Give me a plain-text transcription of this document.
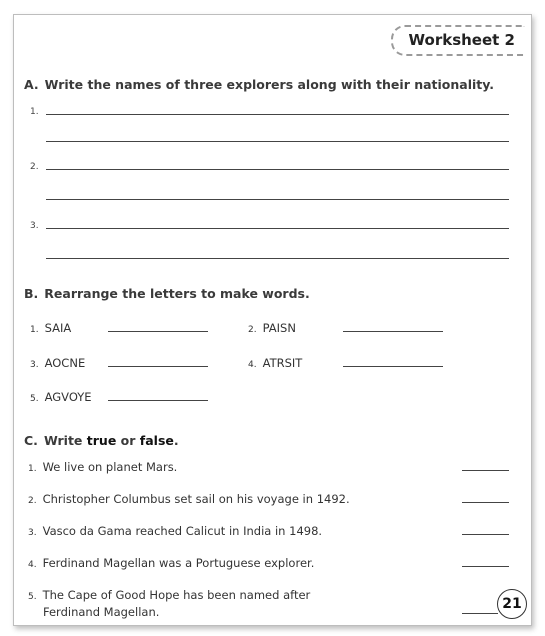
Worksheet 2
A. Write the names of three explorers along with their nationality.
1.
2.
3.
B. Rearrange the letters to make words.
1. SAIA	2. PAISN
3. AOCNE	4. ATRSIT
5. AGVOYE
C. Write true or false.
1. We live on planet Mars.
2. Christopher Columbus set sail on his voyage in 1492.
3. Vasco da Gama reached Calicut in India in 1498.
4. Ferdinand Magellan was a Portuguese explorer.
5. The Cape of Good Hope has been named after
Ferdinand Magellan.	21
